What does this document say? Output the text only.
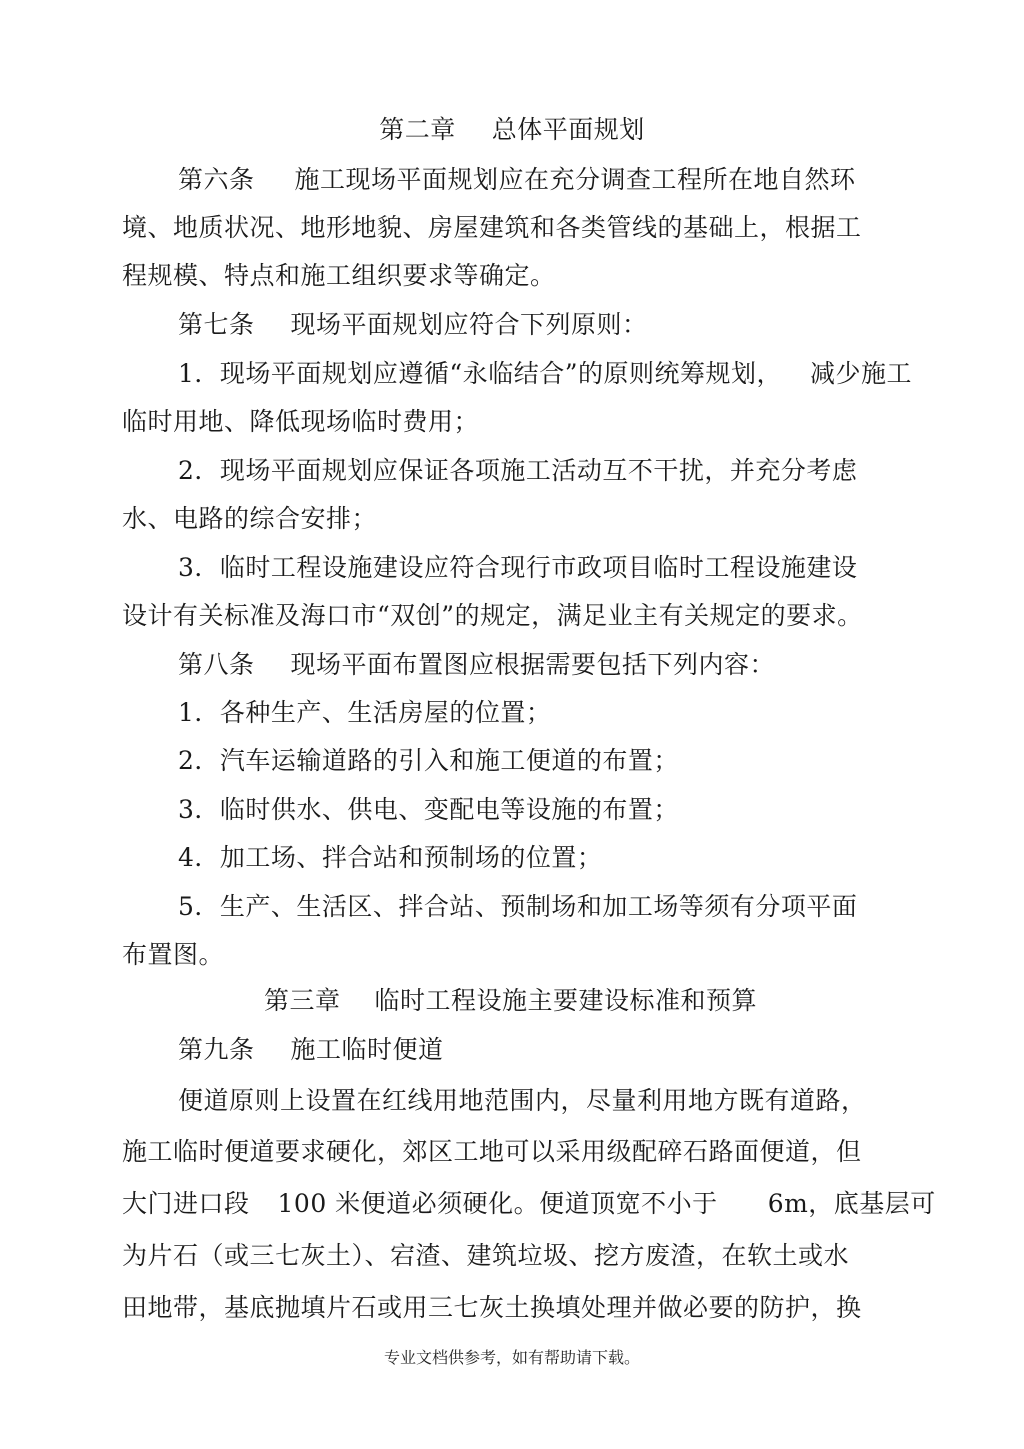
第二章 总体平面规划
第六条 施工现场平面规划应在充分调查工程所在地自然环
境、地质状况、地形地貌、房屋建筑和各类管线的基础上，根据工
程规模、特点和施工组织要求等确定。
第七条 现场平面规划应符合下列原则：
1．现场平面规划应遵循“永临结合”的原则统筹规划， 减少施工
临时用地、降低现场临时费用；
2．现场平面规划应保证各项施工活动互不干扰，并充分考虑
水、电路的综合安排；
3．临时工程设施建设应符合现行市政项目临时工程设施建设
设计有关标准及海口市“双创”的规定，满足业主有关规定的要求。
第八条 现场平面布置图应根据需要包括下列内容：
1．各种生产、生活房屋的位置；
2．汽车运输道路的引入和施工便道的布置；
3．临时供水、供电、变配电等设施的布置；
4．加工场、拌合站和预制场的位置；
5．生产、生活区、拌合站、预制场和加工场等须有分项平面
布置图。
第三章 临时工程设施主要建设标准和预算
第九条 施工临时便道
便道原则上设置在红线用地范围内，尽量利用地方既有道路，
施工临时便道要求硬化，郊区工地可以采用级配碎石路面便道，但
大门进口段 100 米便道必须硬化。便道顶宽不小于 6m，底基层可
为片石（或三七灰土）、宕渣、建筑垃圾、挖方废渣，在软土或水
田地带，基底抛填片石或用三七灰土换填处理并做必要的防护，换
专业文档供参考，如有帮助请下载。
